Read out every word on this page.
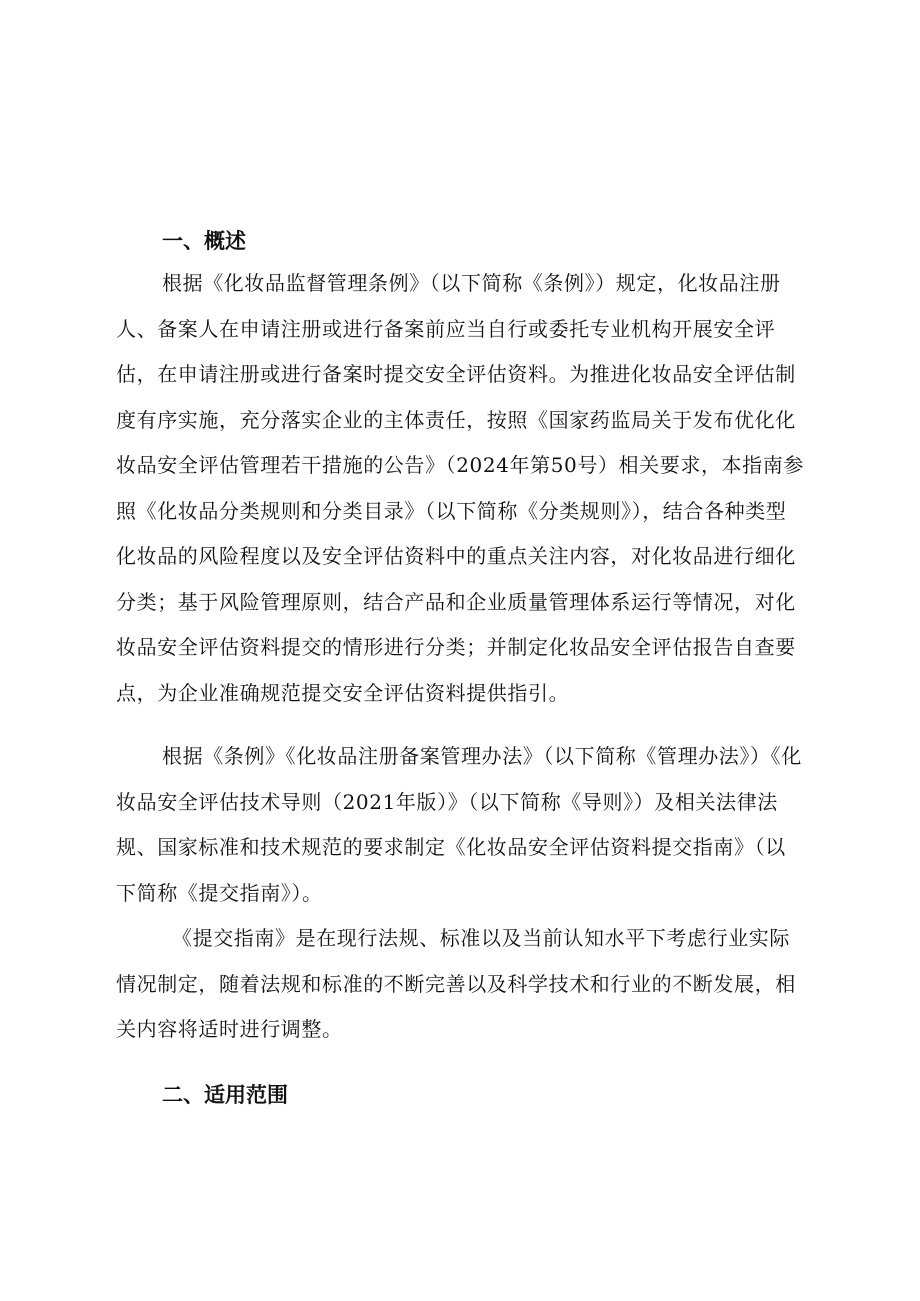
一、概述

根据《化妆品监督管理条例》（以下简称《条例》）规定，化妆品注册人、备案人在申请注册或进行备案前应当自行或委托专业机构开展安全评估，在申请注册或进行备案时提交安全评估资料。为推进化妆品安全评估制度有序实施，充分落实企业的主体责任，按照《国家药监局关于发布优化化妆品安全评估管理若干措施的公告》（2024年第50号）相关要求，本指南参照《化妆品分类规则和分类目录》（以下简称《分类规则》），结合各种类型化妆品的风险程度以及安全评估资料中的重点关注内容，对化妆品进行细化分类；基于风险管理原则，结合产品和企业质量管理体系运行等情况，对化妆品安全评估资料提交的情形进行分类；并制定化妆品安全评估报告自查要点，为企业准确规范提交安全评估资料提供指引。

根据《条例》《化妆品注册备案管理办法》（以下简称《管理办法》）《化妆品安全评估技术导则（2021年版）》（以下简称《导则》）及相关法律法规、国家标准和技术规范的要求制定《化妆品安全评估资料提交指南》（以下简称《提交指南》）。

《提交指南》是在现行法规、标准以及当前认知水平下考虑行业实际情况制定，随着法规和标准的不断完善以及科学技术和行业的不断发展，相关内容将适时进行调整。

二、适用范围
